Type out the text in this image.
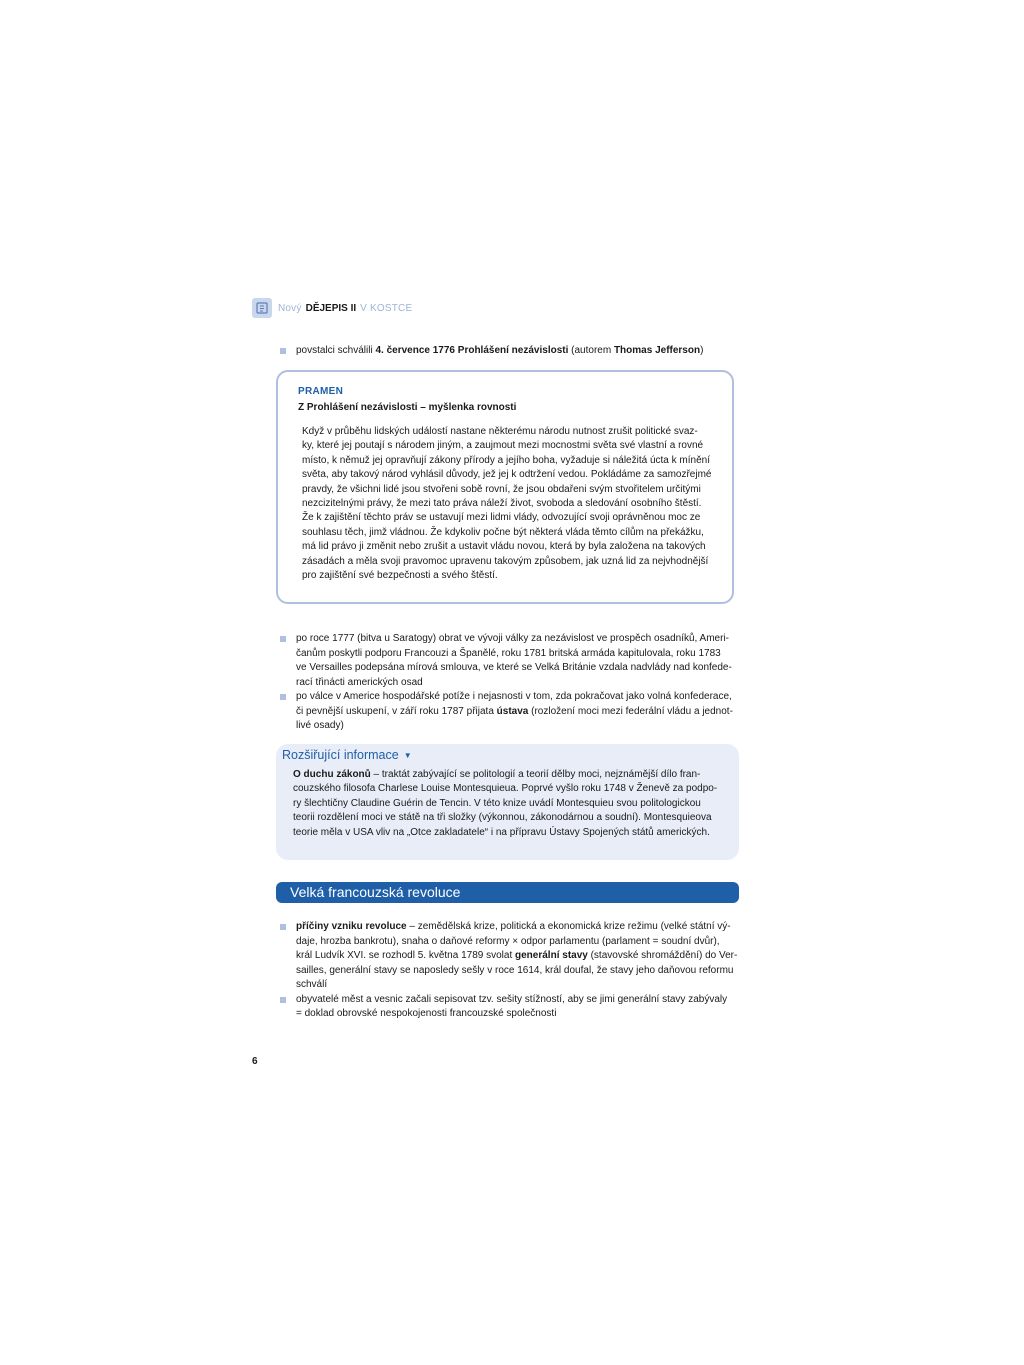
Nový DĚJEPIS II V KOSTCE
povstalci schválili 4. července 1776 Prohlášení nezávislosti (autorem Thomas Jefferson)
PRAMEN
Z Prohlášení nezávislosti – myšlenka rovnosti
Když v průběhu lidských událostí nastane některému národu nutnost zrušit politické svaz-
ky, které jej poutají s národem jiným, a zaujmout mezi mocnostmi světa své vlastní a rovné
místo, k němuž jej opravňují zákony přírody a jejího boha, vyžaduje si náležitá úcta k mínění
světa, aby takový národ vyhlásil důvody, jež jej k odtržení vedou. Pokládáme za samozřejmé
pravdy, že všichni lidé jsou stvořeni sobě rovní, že jsou obdařeni svým stvořitelem určitými
nezcizitelnými právy, že mezi tato práva náleží život, svoboda a sledování osobního štěstí.
Že k zajištění těchto práv se ustavují mezi lidmi vlády, odvozující svoji oprávněnou moc ze
souhlasu těch, jimž vládnou. Že kdykoliv počne být některá vláda těmto cílům na překážku,
má lid právo ji změnit nebo zrušit a ustavit vládu novou, která by byla založena na takových
zásadách a měla svoji pravomoc upravenu takovým způsobem, jak uzná lid za nejvhodnější
pro zajištění své bezpečnosti a svého štěstí.
po roce 1777 (bitva u Saratogy) obrat ve vývoji války za nezávislost ve prospěch osadníků, Ameri-
čanům poskytli podporu Francouzi a Španělé, roku 1781 britská armáda kapitulovala, roku 1783
ve Versailles podepsána mírová smlouva, ve které se Velká Británie vzdala nadvlády nad konfede-
rací třinácti amerických osad
po válce v Americe hospodářské potíže i nejasnosti v tom, zda pokračovat jako volná konfederace,
či pevnější uskupení, v září roku 1787 přijata ústava (rozložení moci mezi federální vládu a jednot-
livé osady)
Rozšiřující informace ▼
O duchu zákonů – traktát zabývající se politologií a teorií dělby moci, nejznámější dílo fran-
couzského filosofa Charlese Louise Montesquieua. Poprvé vyšlo roku 1748 v Ženevě za podpo-
ry šlechtičny Claudine Guérin de Tencin. V této knize uvádí Montesquieu svou politologickou
teorii rozdělení moci ve státě na tři složky (výkonnou, zákonodárnou a soudní). Montesquieova
teorie měla v USA vliv na „Otce zakladatele“ i na přípravu Ústavy Spojených států amerických.
Velká francouzská revoluce
příčiny vzniku revoluce – zemědělská krize, politická a ekonomická krize režimu (velké státní vý-
daje, hrozba bankrotu), snaha o daňové reformy × odpor parlamentu (parlament = soudní dvůr),
král Ludvík XVI. se rozhodl 5. května 1789 svolat generální stavy (stavovské shromáždění) do Ver-
sailles, generální stavy se naposledy sešly v roce 1614, král doufal, že stavy jeho daňovou reformu
schválí
obyvatelé měst a vesnic začali sepisovat tzv. sešity stížností, aby se jimi generální stavy zabývaly
= doklad obrovské nespokojenosti francouzské společnosti
6
